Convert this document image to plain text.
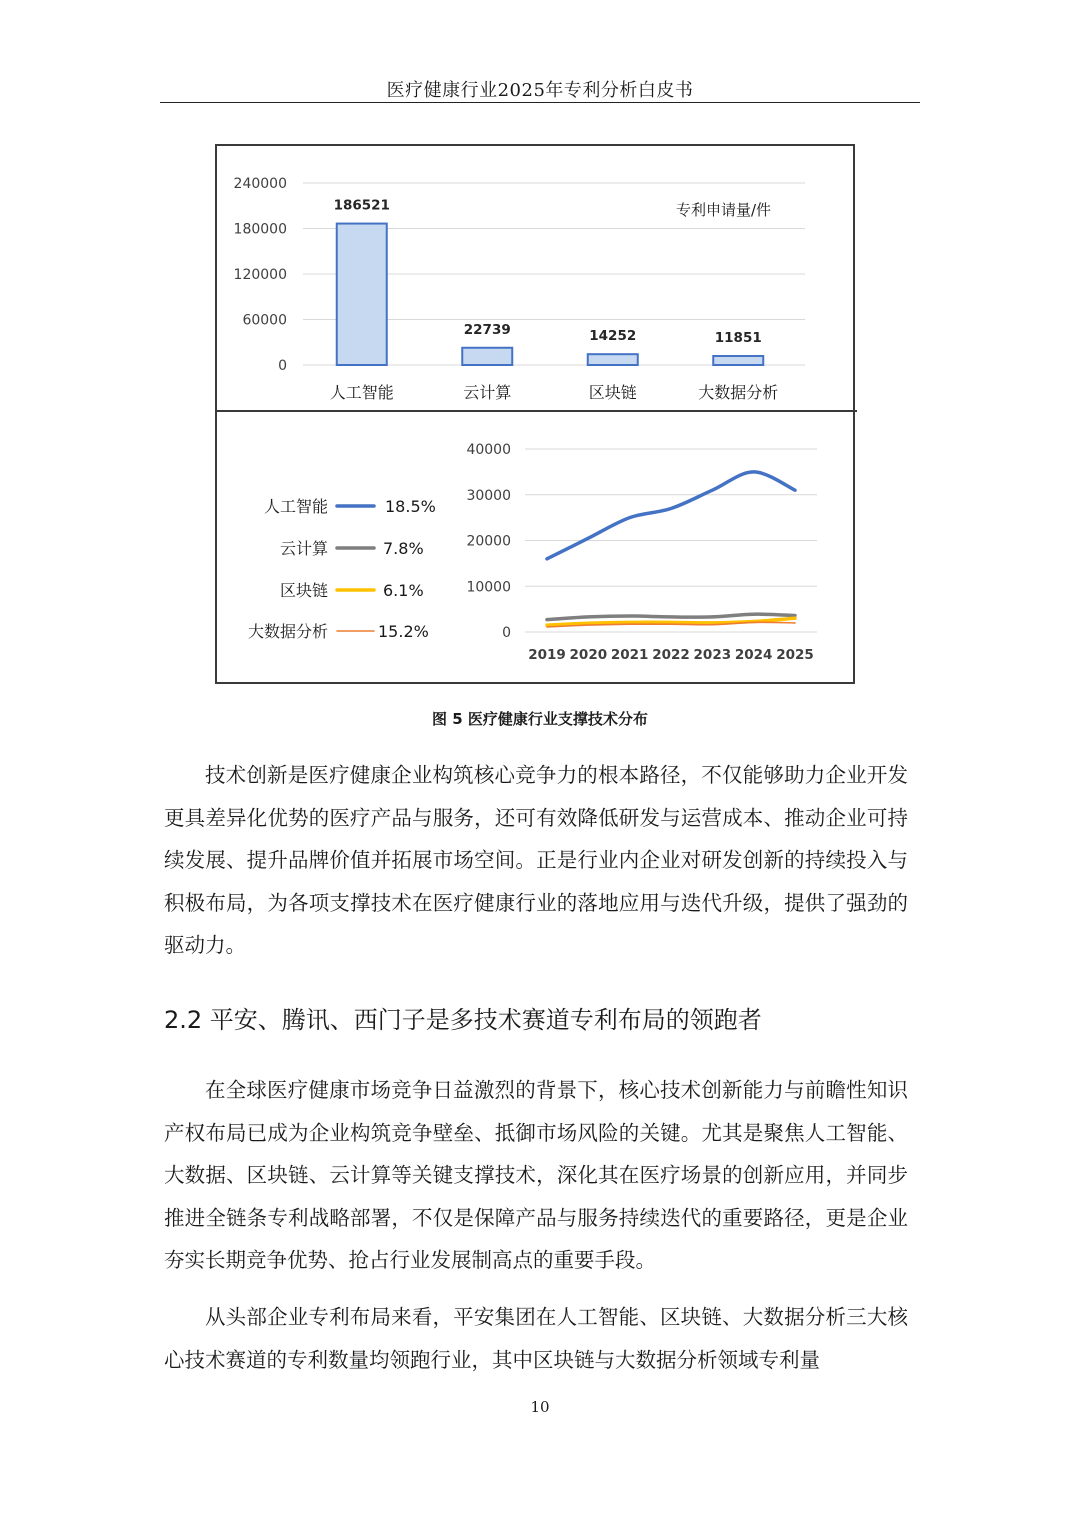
医疗健康行业2025年专利分析白皮书
240000
180000
120000
60000
0
186521
人工智能
22739
云计算
14252
区块链
11851
大数据分析
专利申请量/件
40000
30000
20000
10000
0
2019 2020 2021 2022 2023 2024 2025
人工智能	18.5%
云计算	7.8%
区块链	6.1%
大数据分析	15.2%
图 5 医疗健康行业支撑技术分布

技术创新是医疗健康企业构筑核心竞争力的根本路径，不仅能够助力企业开发更具差异化优势的医疗产品与服务，还可有效降低研发与运营成本、推动企业可持续发展、提升品牌价值并拓展市场空间。正是行业内企业对研发创新的持续投入与积极布局，为各项支撑技术在医疗健康行业的落地应用与迭代升级，提供了强劲的驱动力。

2.2 平安、腾讯、西门子是多技术赛道专利布局的领跑者

在全球医疗健康市场竞争日益激烈的背景下，核心技术创新能力与前瞻性知识产权布局已成为企业构筑竞争壁垒、抵御市场风险的关键。尤其是聚焦人工智能、大数据、区块链、云计算等关键支撑技术，深化其在医疗场景的创新应用，并同步推进全链条专利战略部署，不仅是保障产品与服务持续迭代的重要路径，更是企业夯实长期竞争优势、抢占行业发展制高点的重要手段。

从头部企业专利布局来看，平安集团在人工智能、区块链、大数据分析三大核心技术赛道的专利数量均领跑行业，其中区块链与大数据分析领域专利量

10
